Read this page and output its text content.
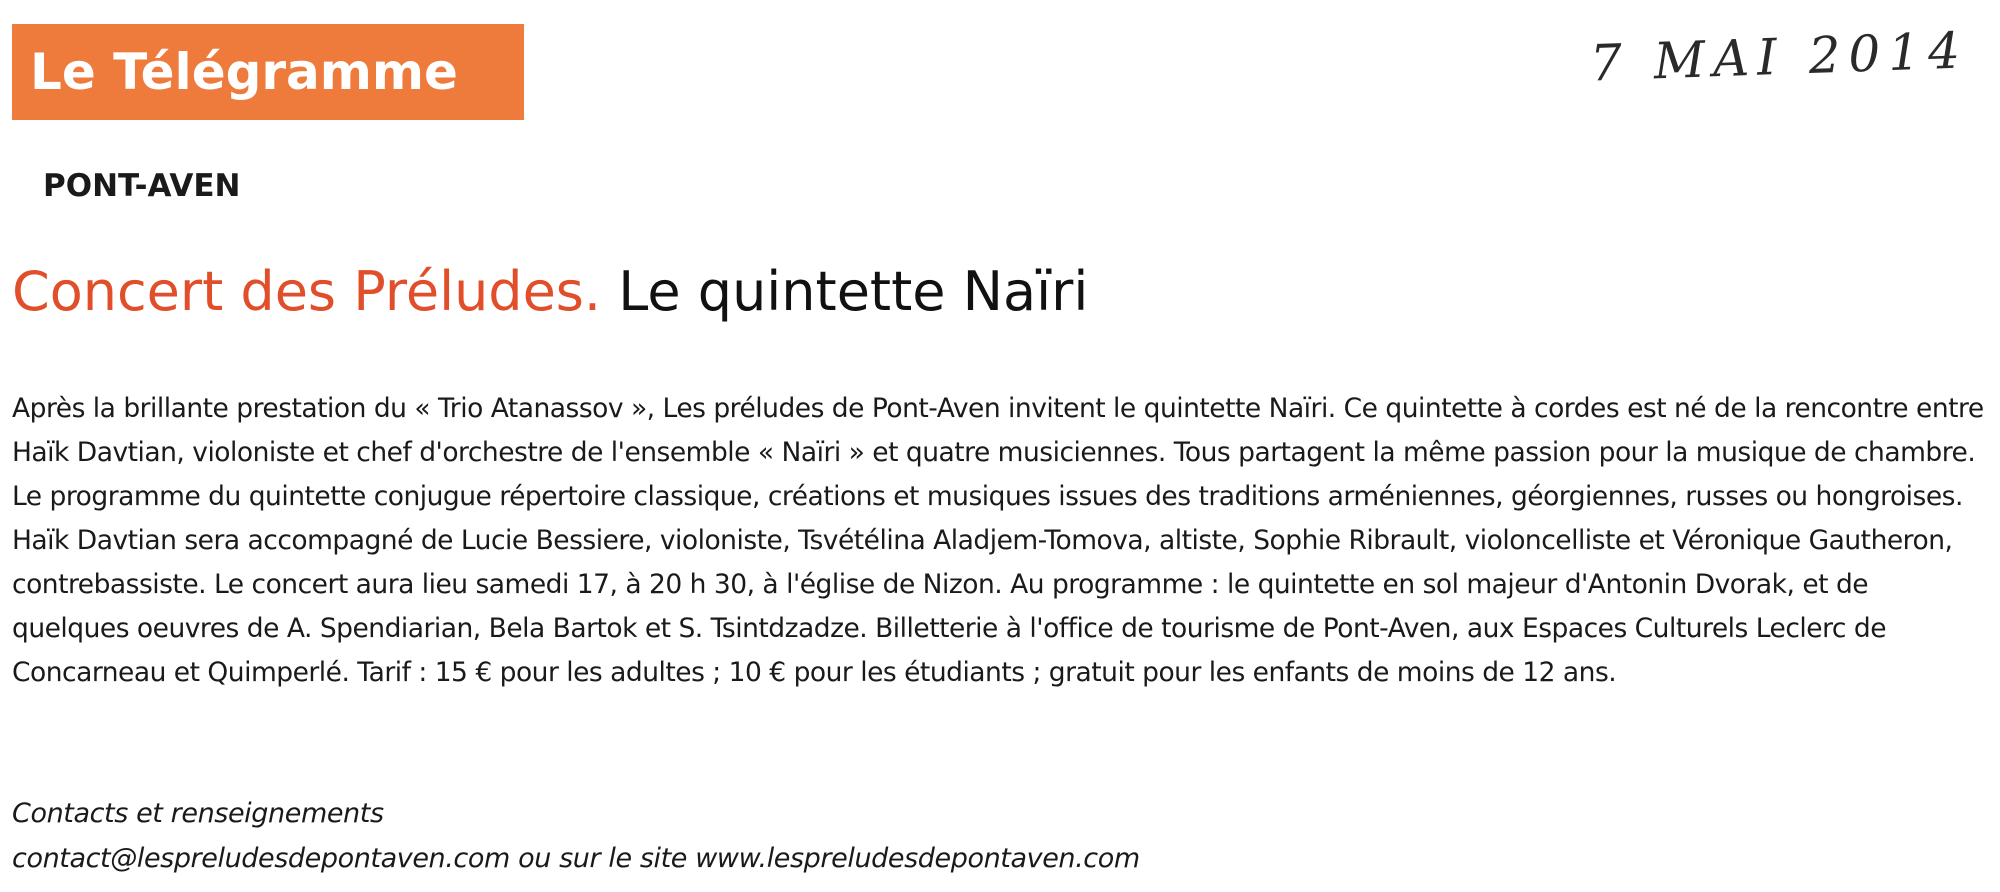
Le Télégramme	7 MAI 2014
PONT-AVEN
Concert des Préludes. Le quintette Naïri

Après la brillante prestation du « Trio Atanassov », Les préludes de Pont-Aven invitent le quintette Naïri. Ce quintette à cordes est né de la rencontre entre Haïk Davtian, violoniste et chef d'orchestre de l'ensemble « Naïri » et quatre musiciennes. Tous partagent la même passion pour la musique de chambre. Le programme du quintette conjugue répertoire classique, créations et musiques issues des traditions arméniennes, géorgiennes, russes ou hongroises. Haïk Davtian sera accompagné de Lucie Bessiere, violoniste, Tsvétélina Aladjem-Tomova, altiste, Sophie Ribrault, violoncelliste et Véronique Gautheron, contrebassiste. Le concert aura lieu samedi 17, à 20 h 30, à l'église de Nizon. Au programme : le quintette en sol majeur d'Antonin Dvorak, et de quelques oeuvres de A. Spendiarian, Bela Bartok et S. Tsintdzadze. Billetterie à l'office de tourisme de Pont-Aven, aux Espaces Culturels Leclerc de Concarneau et Quimperlé. Tarif : 15 € pour les adultes ; 10 € pour les étudiants ; gratuit pour les enfants de moins de 12 ans.

Contacts et renseignements
contact@lespreludesdepontaven.com ou sur le site www.lespreludesdepontaven.com
